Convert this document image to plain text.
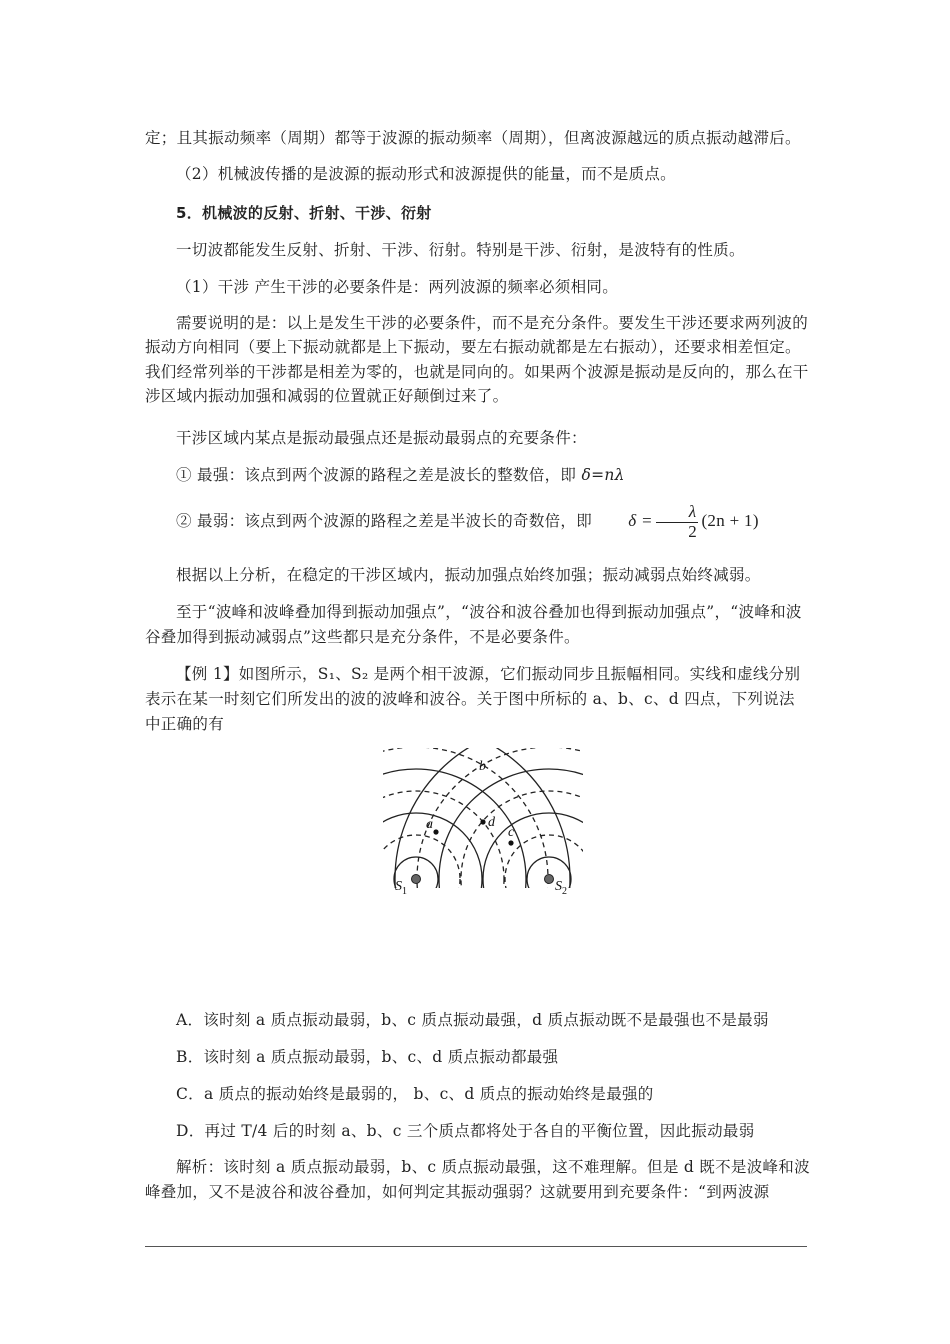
定；且其振动频率（周期）都等于波源的振动频率（周期），但离波源越远的质点振动越滞后。

（2）机械波传播的是波源的振动形式和波源提供的能量，而不是质点。

5．机械波的反射、折射、干涉、衍射

一切波都能发生反射、折射、干涉、衍射。特别是干涉、衍射，是波特有的性质。

（1）干涉 产生干涉的必要条件是：两列波源的频率必须相同。

需要说明的是：以上是发生干涉的必要条件，而不是充分条件。要发生干涉还要求两列波的振动方向相同（要上下振动就都是上下振动，要左右振动就都是左右振动），还要求相差恒定。我们经常列举的干涉都是相差为零的，也就是同向的。如果两个波源是振动是反向的，那么在干涉区域内振动加强和减弱的位置就正好颠倒过来了。

干涉区域内某点是振动最强点还是振动最弱点的充要条件：

① 最强：该点到两个波源的路程之差是波长的整数倍，即 δ=nλ

② 最弱：该点到两个波源的路程之差是半波长的奇数倍，即 $\delta = \frac{\lambda}{2} (2n + 1)$

根据以上分析，在稳定的干涉区域内，振动加强点始终加强；振动减弱点始终减弱。

至于“波峰和波峰叠加得到振动加强点”，“波谷和波谷叠加也得到振动加强点”，“波峰和波谷叠加得到振动减弱点”这些都只是充分条件，不是必要条件。

【例 1】如图所示，S₁、S₂ 是两个相干波源，它们振动同步且振幅相同。实线和虚线分别表示在某一时刻它们所发出的波的波峰和波谷。关于图中所标的 a、b、c、d 四点，下列说法中正确的有

b
a	d
c
$S_1$	$S_2$

A．该时刻 a 质点振动最弱，b、c 质点振动最强，d 质点振动既不是最强也不是最弱

B．该时刻 a 质点振动最弱，b、c、d 质点振动都最强

C．a 质点的振动始终是最弱的， b、c、d 质点的振动始终是最强的

D．再过 T/4 后的时刻 a、b、c 三个质点都将处于各自的平衡位置，因此振动最弱

解析：该时刻 a 质点振动最弱，b、c 质点振动最强，这不难理解。但是 d 既不是波峰和波峰叠加，又不是波谷和波谷叠加，如何判定其振动强弱？这就要用到充要条件：“到两波源
